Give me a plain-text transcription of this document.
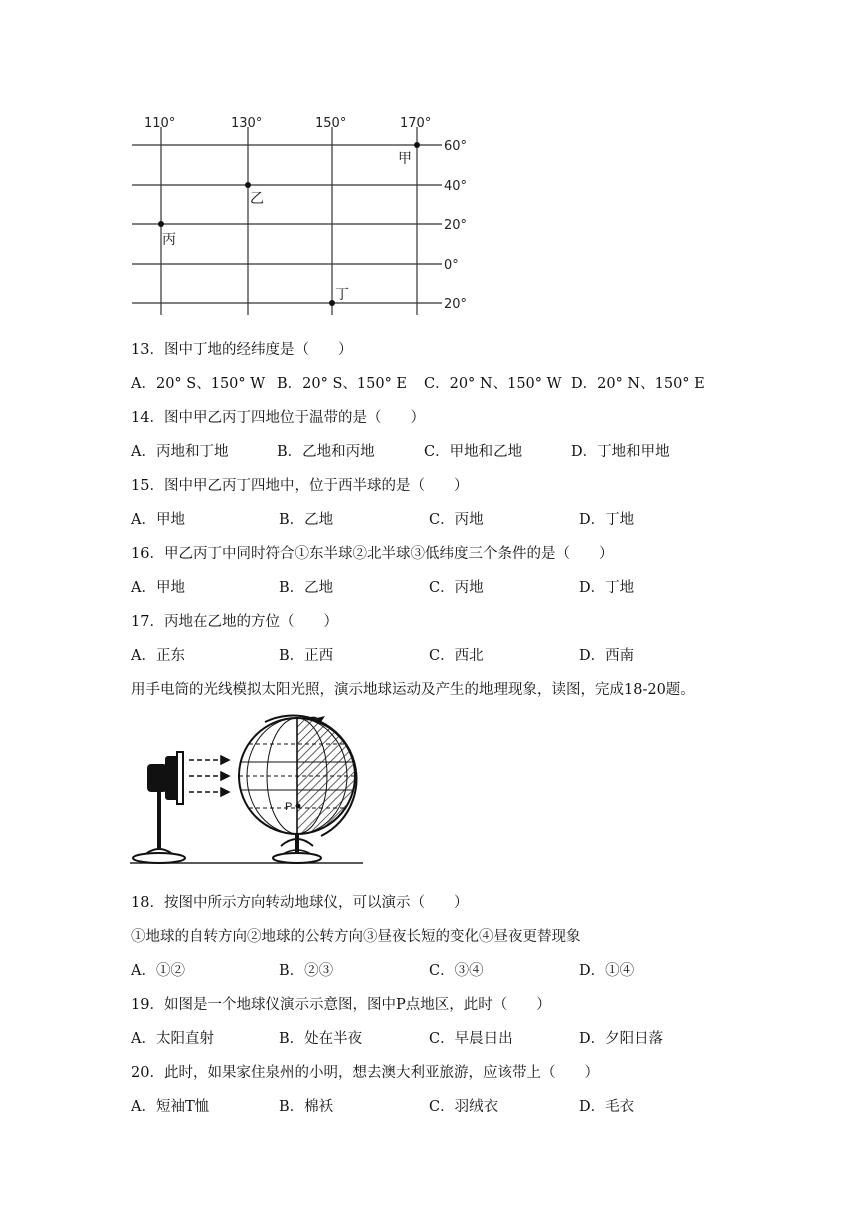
110°	130°	150°	170°
60°
40°
20°
0°
20°
甲
乙
丙
丁
13．图中丁地的经纬度是（　　）
A．20° S、150° W B．20° S、150° E C．20° N、150° W D．20° N、150° E
14．图中甲乙丙丁四地位于温带的是（　　）
A．丙地和丁地	B．乙地和丙地	C．甲地和乙地	D．丁地和甲地
15．图中甲乙丙丁四地中，位于西半球的是（　　）
A．甲地	B．乙地	C．丙地	D．丁地
16．甲乙丙丁中同时符合①东半球②北半球③低纬度三个条件的是（　　）
A．甲地	B．乙地	C．丙地	D．丁地
17．丙地在乙地的方位（　　）
A．正东	B．正西	C．西北	D．西南
用手电筒的光线模拟太阳光照，演示地球运动及产生的地理现象，读图，完成18-20题。
P
18．按图中所示方向转动地球仪，可以演示（　　）
①地球的自转方向②地球的公转方向③昼夜长短的变化④昼夜更替现象
A．①②	B．②③	C．③④	D．①④
19．如图是一个地球仪演示示意图，图中P点地区，此时（　　）
A．太阳直射	B．处在半夜	C．早晨日出	D．夕阳日落
20．此时，如果家住泉州的小明，想去澳大利亚旅游，应该带上（　　）
A．短袖T恤	B．棉袄	C．羽绒衣	D．毛衣
